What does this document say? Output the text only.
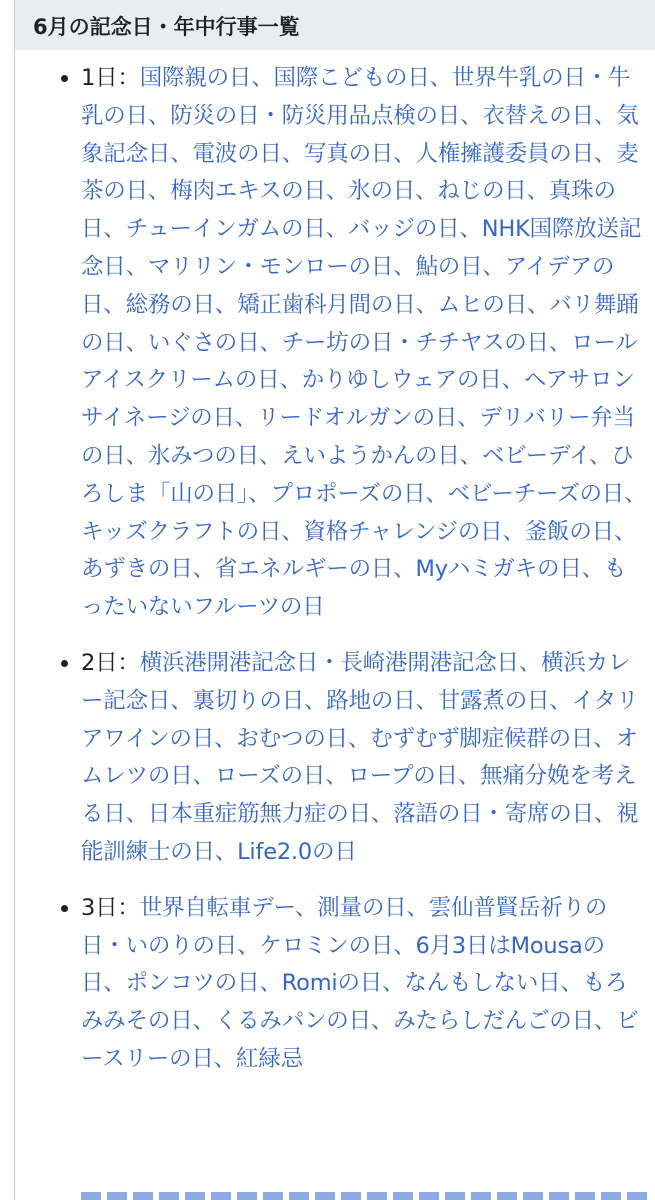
6月の記念日・年中行事一覧
1日：国際親の日、国際こどもの日、世界牛乳の日・牛乳の日、防災の日・防災用品点検の日、衣替えの日、気象記念日、電波の日、写真の日、人権擁護委員の日、麦茶の日、梅肉エキスの日、氷の日、ねじの日、真珠の日、チューインガムの日、バッジの日、NHK国際放送記念日、マリリン・モンローの日、鮎の日、アイデアの日、総務の日、矯正歯科月間の日、ムヒの日、バリ舞踊の日、いぐさの日、チー坊の日・チチヤスの日、ロールアイスクリームの日、かりゆしウェアの日、ヘアサロンサイネージの日、リードオルガンの日、デリバリー弁当の日、氷みつの日、えいようかんの日、ベビーデイ、ひろしま「山の日」、プロポーズの日、ベビーチーズの日、キッズクラフトの日、資格チャレンジの日、釜飯の日、あずきの日、省エネルギーの日、Myハミガキの日、もったいないフルーツの日
2日：横浜港開港記念日・長崎港開港記念日、横浜カレー記念日、裏切りの日、路地の日、甘露煮の日、イタリアワインの日、おむつの日、むずむず脚症候群の日、オムレツの日、ローズの日、ロープの日、無痛分娩を考える日、日本重症筋無力症の日、落語の日・寄席の日、視能訓練士の日、Life2.0の日
3日：世界自転車デー、測量の日、雲仙普賢岳祈りの日・いのりの日、ケロミンの日、6月3日はMousaの日、ポンコツの日、Romiの日、なんもしない日、もろみみその日、くるみパンの日、みたらしだんごの日、ビースリーの日、紅緑忌
